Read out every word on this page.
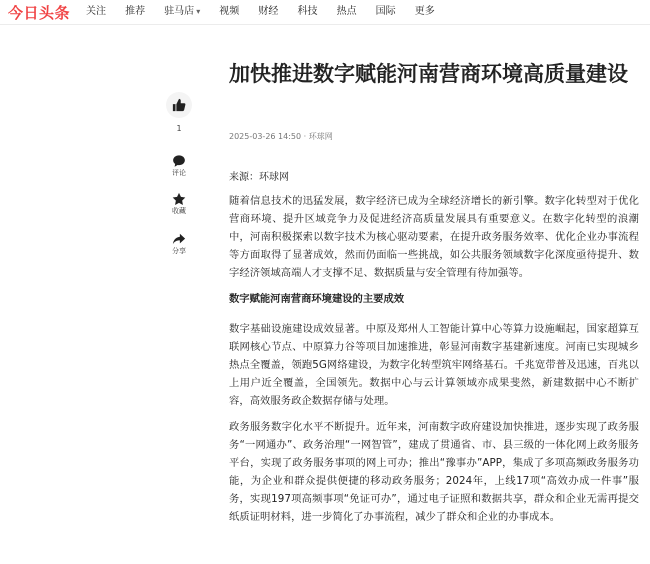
今日头条 关注 推荐 驻马店 ▾ 视频 财经 科技 热点 国际 更多
1
评论
收藏
分享
加快推进数字赋能河南营商环境高质量建设
2025-03-26 14:50 · 环球网
来源：环球网

随着信息技术的迅猛发展，数字经济已成为全球经济增长的新引擎。数字化转型对于优化营商环境、提升区域竞争力及促进经济高质量发展具有重要意义。在数字化转型的浪潮中，河南积极探索以数字技术为核心驱动要素，在提升政务服务效率、优化企业办事流程等方面取得了显著成效，然而仍面临一些挑战，如公共服务领域数字化深度亟待提升、数字经济领域高端人才支撑不足、数据质量与安全管理有待加强等。

数字赋能河南营商环境建设的主要成效

数字基础设施建设成效显著。中原及郑州人工智能计算中心等算力设施崛起，国家超算互联网核心节点、中原算力谷等项目加速推进，彰显河南数字基建新速度。河南已实现城乡热点全覆盖，领跑5G网络建设，为数字化转型筑牢网络基石。千兆宽带普及迅速，百兆以上用户近全覆盖，全国领先。数据中心与云计算领域亦成果斐然，新建数据中心不断扩容，高效服务政企数据存储与处理。

政务服务数字化水平不断提升。近年来，河南数字政府建设加快推进，逐步实现了政务服务“一网通办”、政务治理“一网智管”，建成了贯通省、市、县三级的一体化网上政务服务平台，实现了政务服务事项的网上可办；推出“豫事办”APP，集成了多项高频政务服务功能，为企业和群众提供便捷的移动政务服务；2024年，上线17项“高效办成一件事”服务，实现197项高频事项“免证可办”，通过电子证照和数据共享，群众和企业无需再提交纸质证明材料，进一步简化了办事流程，减少了群众和企业的办事成本。
